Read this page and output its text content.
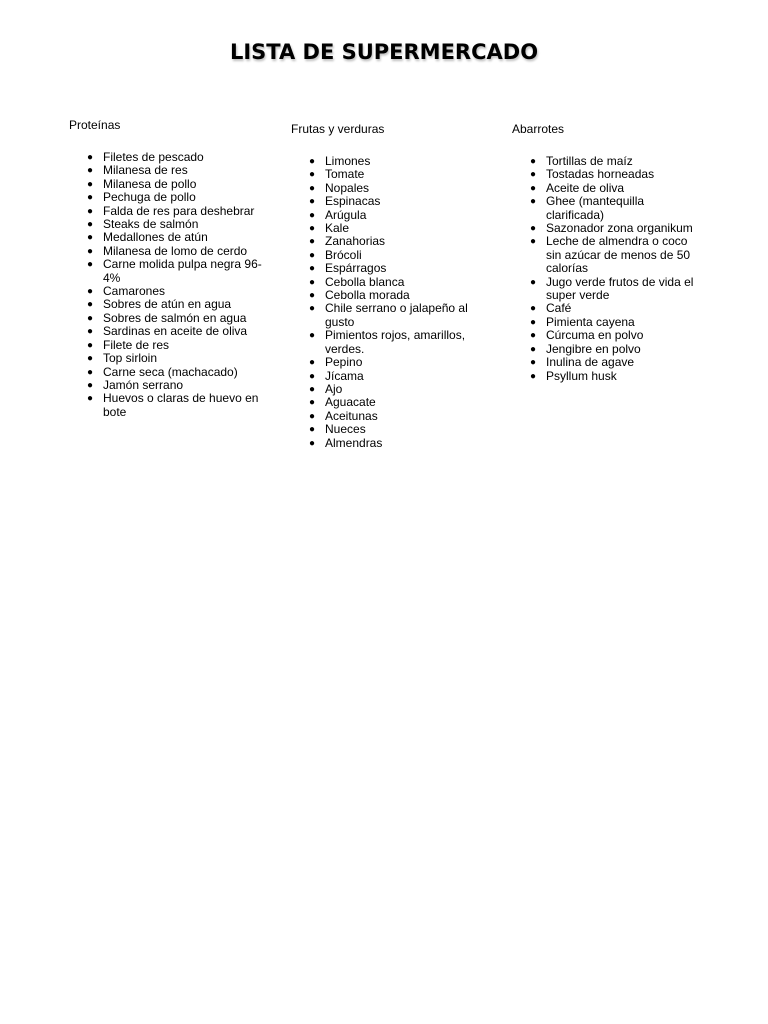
LISTA DE SUPERMERCADO
Proteínas
● Filetes de pescado
● Milanesa de res
● Milanesa de pollo
● Pechuga de pollo
● Falda de res para deshebrar
● Steaks de salmón
● Medallones de atún
● Milanesa de lomo de cerdo
● Carne molida pulpa negra 96-4%
● Camarones
● Sobres de atún en agua
● Sobres de salmón en agua
● Sardinas en aceite de oliva
● Filete de res
● Top sirloin
● Carne seca (machacado)
● Jamón serrano
● Huevos o claras de huevo en bote
Frutas y verduras
● Limones
● Tomate
● Nopales
● Espinacas
● Arúgula
● Kale
● Zanahorias
● Brócoli
● Espárragos
● Cebolla blanca
● Cebolla morada
● Chile serrano o jalapeño al gusto
● Pimientos rojos, amarillos, verdes.
● Pepino
● Jícama
● Ajo
● Aguacate
● Aceitunas
● Nueces
● Almendras
Abarrotes
● Tortillas de maíz
● Tostadas horneadas
● Aceite de oliva
● Ghee (mantequilla clarificada)
● Sazonador zona organikum
● Leche de almendra o coco sin azúcar de menos de 50 calorías
● Jugo verde frutos de vida el super verde
● Café
● Pimienta cayena
● Cúrcuma en polvo
● Jengibre en polvo
● Inulina de agave
● Psyllum husk
